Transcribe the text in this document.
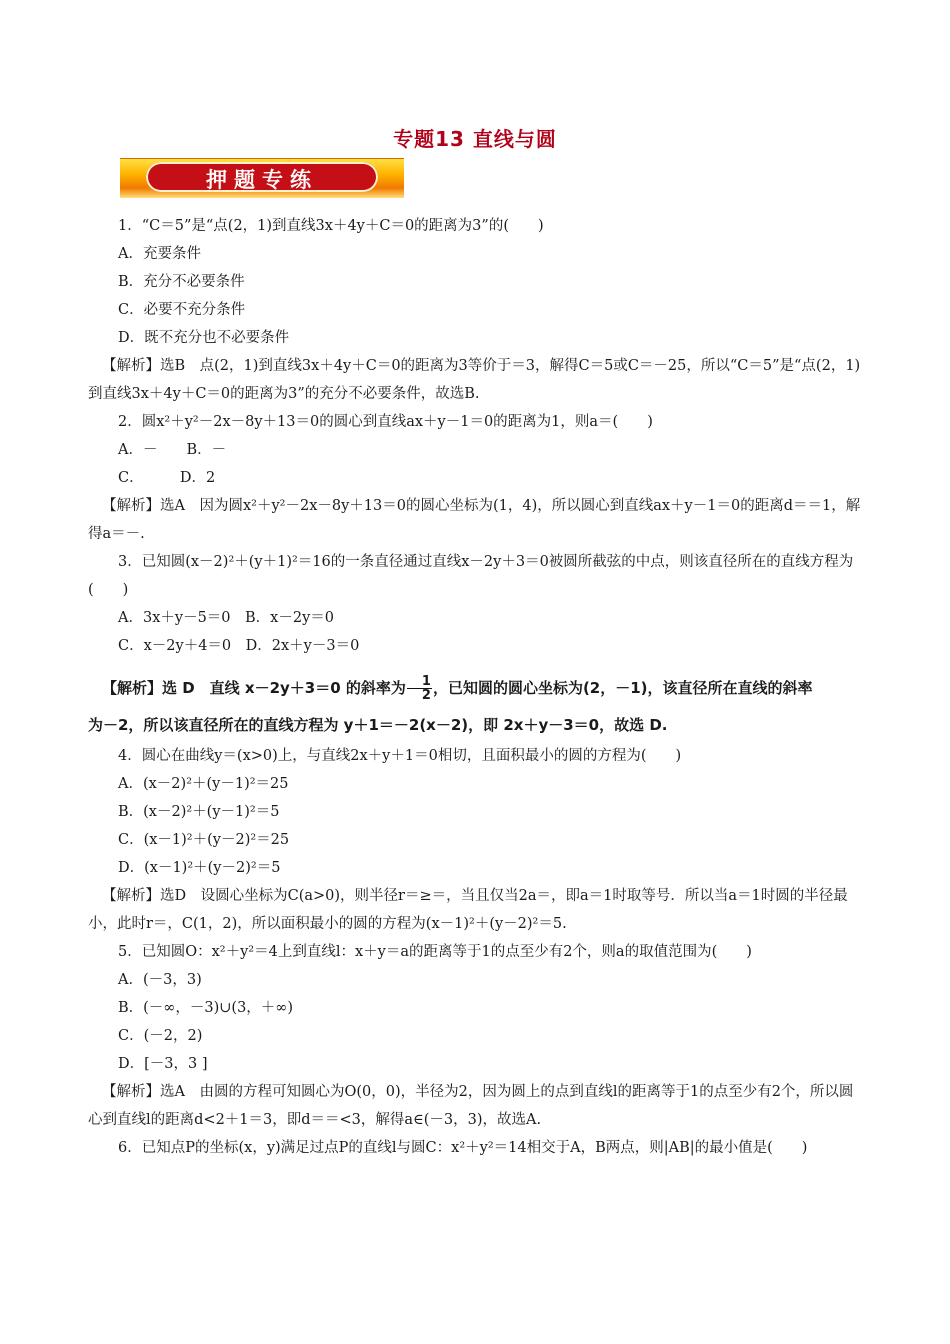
专题13 直线与圆
押题专练

1．“C＝5”是“点(2，1)到直线3x＋4y＋C＝0的距离为3”的(　　)

A．充要条件

B．充分不必要条件

C．必要不充分条件

D．既不充分也不必要条件

【解析】选B　点(2，1)到直线3x＋4y＋C＝0的距离为3等价于＝3，解得C＝5或C＝－25，所以“C＝5”是“点(2，1)到直线3x＋4y＋C＝0的距离为3”的充分不必要条件，故选B.

2．圆x²＋y²－2x－8y＋13＝0的圆心到直线ax＋y－1＝0的距离为1，则a＝(　　)

A．－　　B．－

C．　　　D．2

【解析】选A　因为圆x²＋y²－2x－8y＋13＝0的圆心坐标为(1，4)，所以圆心到直线ax＋y－1＝0的距离d＝＝1，解得a＝－.

3．已知圆(x－2)²＋(y＋1)²＝16的一条直径通过直线x－2y＋3＝0被圆所截弦的中点，则该直径所在的直线方程为(　　)

A．3x＋y－5＝0　B．x－2y＝0

C．x－2y＋4＝0　D．2x＋y－3＝0

【解析】选 D　直线 x－2y＋3＝0 的斜率为 $\frac{1}{2}$ ，已知圆的圆心坐标为(2，－1)，该直径所在直线的斜率

为－2，所以该直径所在的直线方程为 y＋1＝－2(x－2)，即 2x＋y－3＝0，故选 D.

4．圆心在曲线y＝(x>0)上，与直线2x＋y＋1＝0相切，且面积最小的圆的方程为(　　)

A．(x－2)²＋(y－1)²＝25

B．(x－2)²＋(y－1)²＝5

C．(x－1)²＋(y－2)²＝25

D．(x－1)²＋(y－2)²＝5

【解析】选D　设圆心坐标为C(a>0)，则半径r＝≥＝，当且仅当2a＝，即a＝1时取等号．所以当a＝1时圆的半径最小，此时r＝，C(1，2)，所以面积最小的圆的方程为(x－1)²＋(y－2)²＝5.

5．已知圆O：x²＋y²＝4上到直线l：x＋y＝a的距离等于1的点至少有2个，则a的取值范围为(　　)

A．(－3，3)

B．(－∞，－3)∪(3，＋∞)

C．(－2，2)

D．[－3，3 ]

【解析】选A　由圆的方程可知圆心为O(0，0)，半径为2，因为圆上的点到直线l的距离等于1的点至少有2个，所以圆心到直线l的距离d<2＋1＝3，即d＝＝<3，解得a∈(－3，3)，故选A.

6．已知点P的坐标(x，y)满足过点P的直线l与圆C：x²＋y²＝14相交于A，B两点，则|AB|的最小值是(　　)
